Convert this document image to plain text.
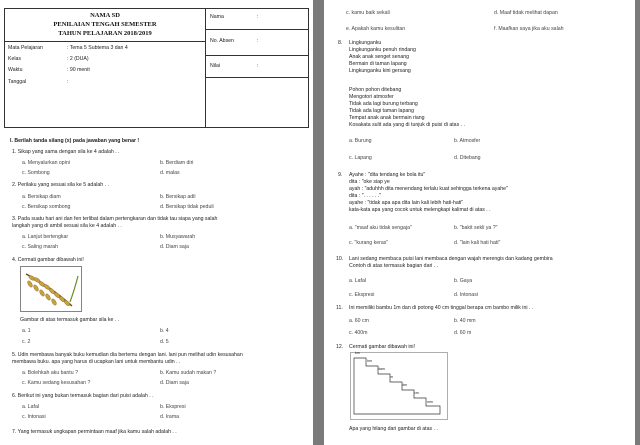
NAMA SD
PENILAIAN TENGAH SEMESTER
TAHUN PELAJARAN 2018/2019
Mata Pelajaran	: Tema 5 Subtema 3 dan 4
Kelas	: 2 (DUA)
Waktu	: 90 menit
Tanggal	:
Nama	:
No. Absen	:
Nilai	:
I. Berilah tanda silang (x) pada jawaban yang benar !
1. Sikap yang sama dengan sila ke 4 adalah . .
a. Menyalurkan opini	b. Berdiam diri
c. Sombong	d. malas
2. Perilaku yang sesuai sila ke 5 adalah . .
a. Bersikap diam	b. Bersikap adil
c. Bersikap sombong	d. Bersikap tidak peduli
3. Pada suatu hari ani dan fen terlibat dalam pertengkaran dan tidak tau siapa yang salah
langkah yang di ambil sesuai sila ke 4 adalah . .
a. Lanjut bertengkar	b. Musyawarah
c. Saling marah	d. Diam saja
4. Cermati gambar dibawah ini!
Gambar di atas termasuk gambar sila ke . .
a. 1	b. 4
c. 2	d. 5
5. Udin membawa banyak buku kemudian dia bertemu dengan lani. lani pun melihat udin kesusahan
membawa buku. apa yang harus di ucapkan lani untuk membantu udin . .
a. Bolehkah aku bantu ?	b. Kamu sudah makan ?
c. Kamu sedang kesusahan ?	d. Diam saja
6. Berikut ini yang bukan termasuk bagian dari puisi adalah . .
a. Lafal	b. Ekspresi
c. Intonasi	d. Irama
7. Yang termasuk ungkapan permintaan maaf jika kamu salah adalah . .
c. kamu baik sekali	d. Maaf tidak melihat dapan
e. Apakah kamu kesulitan	f. Maafkan saya jika aku salah
8. Lingkunganku
Lingkunganku penuh rindang
Anak anak senget senang
Bermain di taman lapang
Lingkunganku kini gersang
Pohon pohon ditebang
Mengotori atmosfer
Tidak ada lagi burung terbang
Tidak ada lagi taman lapang
Tempat anak anak bermain riang
Kosakata sulit ada yang di tunjuk di puisi di atas . .
a. Burung	b. Atmosfer
c. Lapang	d. Ditebang
9. Ayahe : "dita tendang ke bola itu"
dita : "oke siap ye
ayah : "aduhhh dita menendang terlalu kuat sehingga terkena ayahe"
dita : ". . . . . ."
ayahe : "tidak apa apa dita lain kali lebih hati-hati"
kata-kata apa yang cocok untuk melengkapi kalimat di atas . .
a. "maaf aku tidak sengaja"	b. "bakit sekli ya ?"
c. "kurang keras"	d. "lain kali hati hati"
10. Lani sedang membaca puisi lani membaca dengan wajah merengis dan kadang gembira
Contoh di atas termasuk bagian dari . .
a. Lafal	b. Gaya
c. Ekspresi	d. Intonasi
11. Ini memiliki bambu 1m dan di potong 40 cm tinggal berapa cm bambo milik ini . .
a. 60 cm	b. 40 mm
c. 400m	d. 60 m
12. Cermati gambar dibawah ini!
km
hm
dam
m
dm
cm
mm
Apa yang hilang dari gambar di atas . .
